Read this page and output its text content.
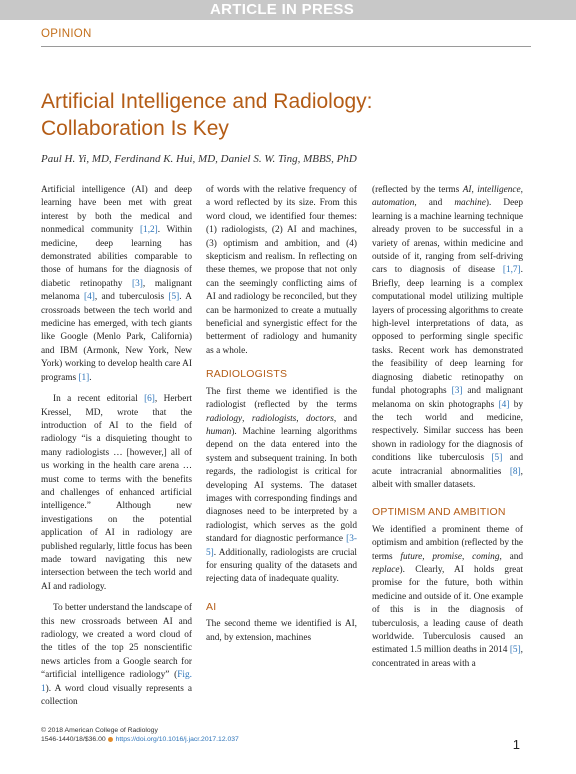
ARTICLE IN PRESS
OPINION
Artificial Intelligence and Radiology:
Collaboration Is Key
Paul H. Yi, MD, Ferdinand K. Hui, MD, Daniel S. W. Ting, MBBS, PhD

Artificial intelligence (AI) and deep learning have been met with great interest by both the medical and nonmedical community [1,2]. Within medicine, deep learning has demonstrated abilities comparable to those of humans for the diagnosis of diabetic retinopathy [3], malignant melanoma [4], and tuberculosis [5]. A crossroads between the tech world and medicine has emerged, with tech giants like Google (Menlo Park, California) and IBM (Armonk, New York, New York) working to develop health care AI programs [1].

In a recent editorial [6], Herbert Kressel, MD, wrote that the introduction of AI to the field of radiology “is a disquieting thought to many radiologists … [however,] all of us working in the health care arena … must come to terms with the benefits and challenges of enhanced artificial intelligence.” Although new investigations on the potential application of AI in radiology are published regularly, little focus has been made toward navigating this new intersection between the tech world and AI and radiology.

To better understand the landscape of this new crossroads between AI and radiology, we created a word cloud of the titles of the top 25 nonscientific news articles from a Google search for “artificial intelligence radiology” (Fig. 1). A word cloud visually represents a collection

of words with the relative frequency of a word reflected by its size. From this word cloud, we identified four themes: (1) radiologists, (2) AI and machines, (3) optimism and ambition, and (4) skepticism and realism. In reflecting on these themes, we propose that not only can the seemingly conflicting aims of AI and radiology be reconciled, but they can be harmonized to create a mutually beneficial and synergistic effect for the betterment of radiology and humanity as a whole.

RADIOLOGISTS

The first theme we identified is the radiologist (reflected by the terms radiology, radiologists, doctors, and human). Machine learning algorithms depend on the data entered into the system and subsequent training. In both regards, the radiologist is critical for developing AI systems. The dataset images with corresponding findings and diagnoses need to be interpreted by a radiologist, which serves as the gold standard for diagnostic performance [3-5]. Additionally, radiologists are crucial for ensuring quality of the datasets and rejecting data of inadequate quality.

AI

The second theme we identified is AI, and, by extension, machines

(reflected by the terms AI, intelligence, automation, and machine). Deep learning is a machine learning technique already proven to be successful in a variety of arenas, within medicine and outside of it, ranging from self-driving cars to diagnosis of disease [1,7]. Briefly, deep learning is a complex computational model utilizing multiple layers of processing algorithms to create high-level interpretations of data, as opposed to performing single specific tasks. Recent work has demonstrated the feasibility of deep learning for diagnosing diabetic retinopathy on fundal photographs [3] and malignant melanoma on skin photographs [4] by the tech world and medicine, respectively. Similar success has been shown in radiology for the diagnosis of conditions like tuberculosis [5] and acute intracranial abnormalities [8], albeit with smaller datasets.

OPTIMISM AND AMBITION

We identified a prominent theme of optimism and ambition (reflected by the terms future, promise, coming, and replace). Clearly, AI holds great promise for the future, both within medicine and outside of it. One example of this is in the diagnosis of tuberculosis, a leading cause of death worldwide. Tuberculosis caused an estimated 1.5 million deaths in 2014 [5], concentrated in areas with a

© 2018 American College of Radiology
1546-1440/18/$36.00 https://doi.org/10.1016/j.jacr.2017.12.037	1
